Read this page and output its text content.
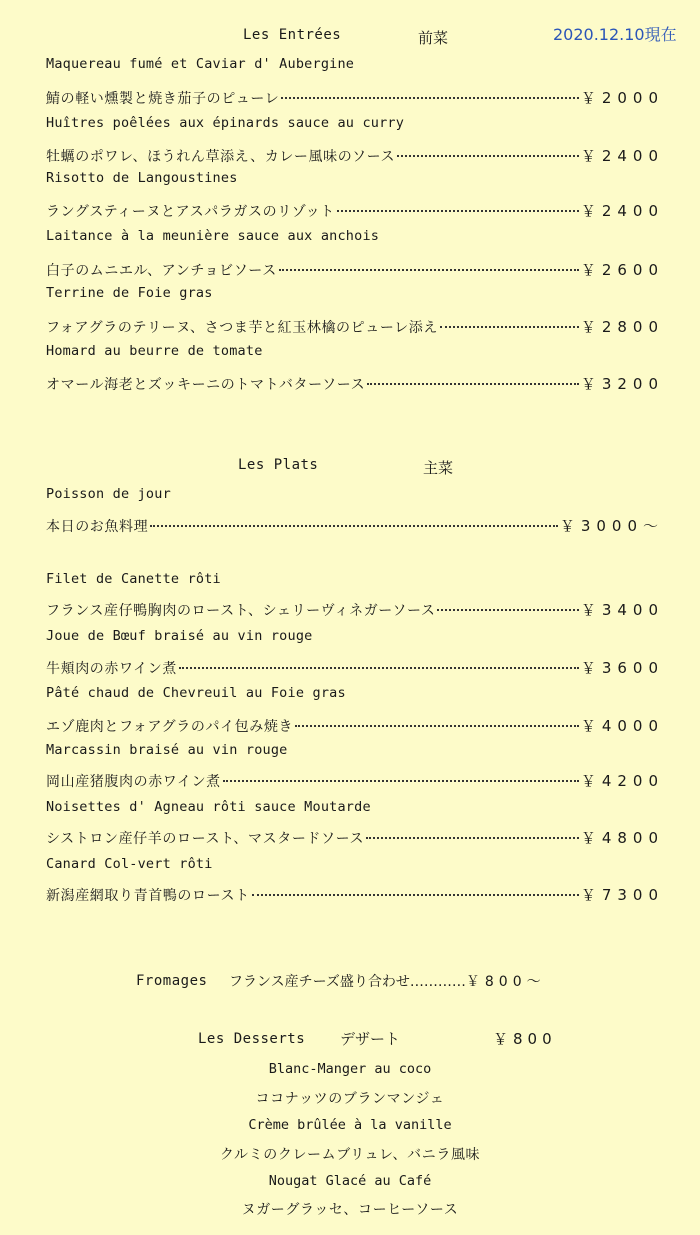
2020.12.10現在
Les Entrées	前菜
Maquereau fumé et Caviar d' Aubergine
鯖の軽い燻製と焼き茄子のピューレ	￥2000
Huîtres poêlées aux épinards sauce au curry
牡蠣のポワレ、ほうれん草添え、カレー風味のソース	￥2400
Risotto de Langoustines
ラングスティーヌとアスパラガスのリゾット	￥2400
Laitance à la meunière sauce aux anchois
白子のムニエル、アンチョビソース	￥2600
Terrine de Foie gras
フォアグラのテリーヌ、さつま芋と紅玉林檎のピューレ添え	￥2800
Homard au beurre de tomate
オマール海老とズッキーニのトマトバターソース	￥3200
Les Plats	主菜
Poisson de jour
本日のお魚料理	￥3000～
Filet de Canette rôti
フランス産仔鴨胸肉のロースト、シェリーヴィネガーソース	￥3400
Joue de Bœuf braisé au vin rouge
牛頬肉の赤ワイン煮	￥3600
Pâté chaud de Chevreuil au Foie gras
エゾ鹿肉とフォアグラのパイ包み焼き	￥4000
Marcassin braisé au vin rouge
岡山産猪腹肉の赤ワイン煮	￥4200
Noisettes d' Agneau rôti sauce Moutarde
シストロン産仔羊のロースト、マスタードソース	￥4800
Canard Col-vert rôti
新潟産網取り青首鴨のロースト	￥7300
Fromages フランス産チーズ盛り合わせ…………￥800～
Les Desserts デザート	￥800
Blanc-Manger au coco
ココナッツのブランマンジェ
Crème brûlée à la vanille
クルミのクレームブリュレ、バニラ風味
Nougat Glacé au Café
ヌガーグラッセ、コーヒーソース
